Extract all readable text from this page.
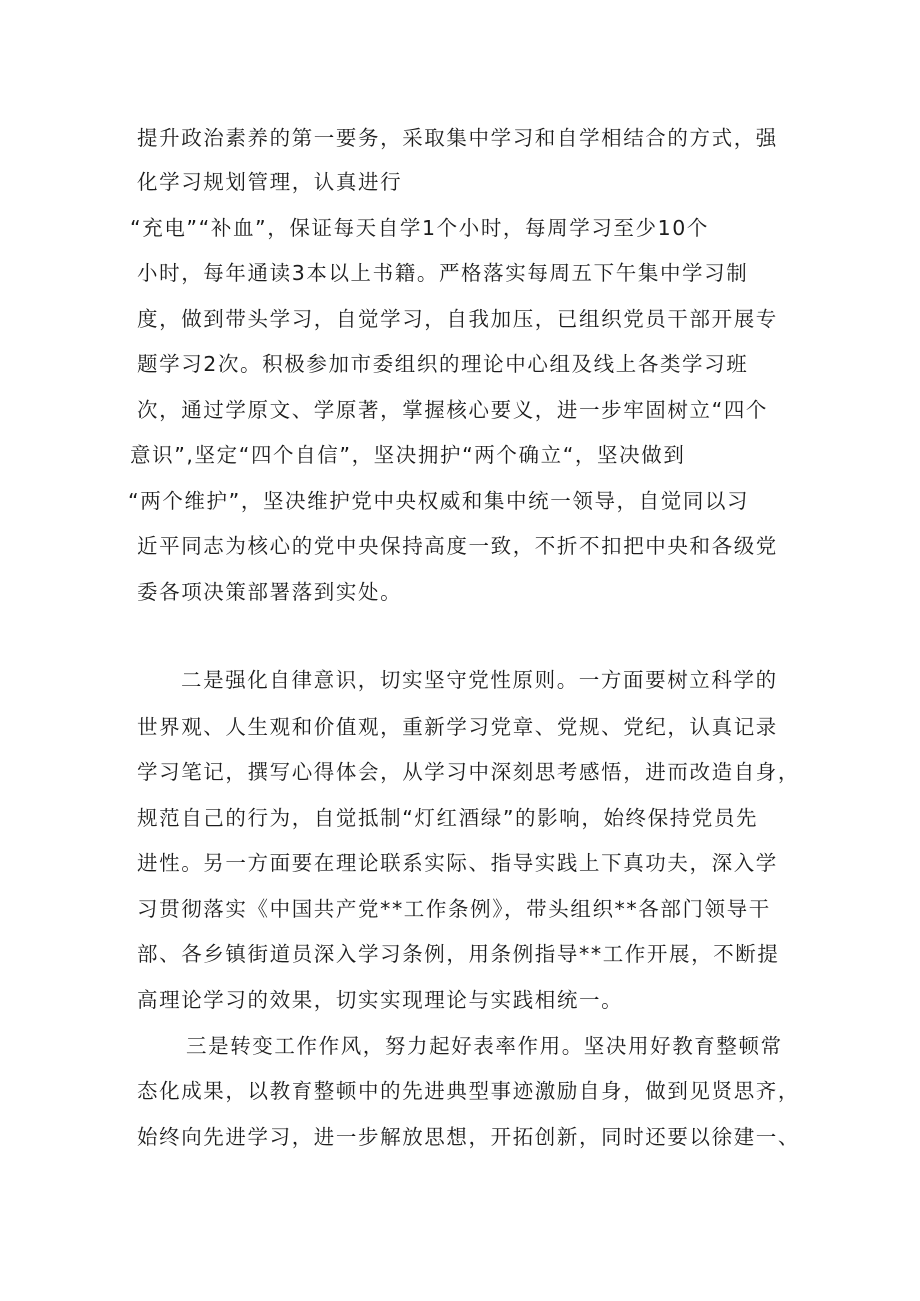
提升政治素养的第一要务，采取集中学习和自学相结合的方式，强
化学习规划管理，认真进行
“充电”“补血”，保证每天自学1个小时，每周学习至少10个
小时，每年通读3本以上书籍。严格落实每周五下午集中学习制
度，做到带头学习，自觉学习，自我加压，已组织党员干部开展专
题学习2次。积极参加市委组织的理论中心组及线上各类学习班
次，通过学原文、学原著，掌握核心要义，进一步牢固树立“四个
意识”,坚定“四个自信”，坚决拥护“两个确立“，坚决做到
“两个维护”，坚决维护党中央权威和集中统一领导，自觉同以习
近平同志为核心的党中央保持高度一致，不折不扣把中央和各级党
委各项决策部署落到实处。
二是强化自律意识，切实坚守党性原则。一方面要树立科学的
世界观、人生观和价值观，重新学习党章、党规、党纪，认真记录
学习笔记，撰写心得体会，从学习中深刻思考感悟，进而改造自身，
规范自己的行为，自觉抵制“灯红酒绿”的影响，始终保持党员先
进性。另一方面要在理论联系实际、指导实践上下真功夫，深入学
习贯彻落实《中国共产党**工作条例》，带头组织**各部门领导干
部、各乡镇街道员深入学习条例，用条例指导**工作开展，不断提
高理论学习的效果，切实实现理论与实践相统一。
三是转变工作作风，努力起好表率作用。坚决用好教育整顿常
态化成果，以教育整顿中的先进典型事迹激励自身，做到见贤思齐，
始终向先进学习，进一步解放思想，开拓创新，同时还要以徐建一、
